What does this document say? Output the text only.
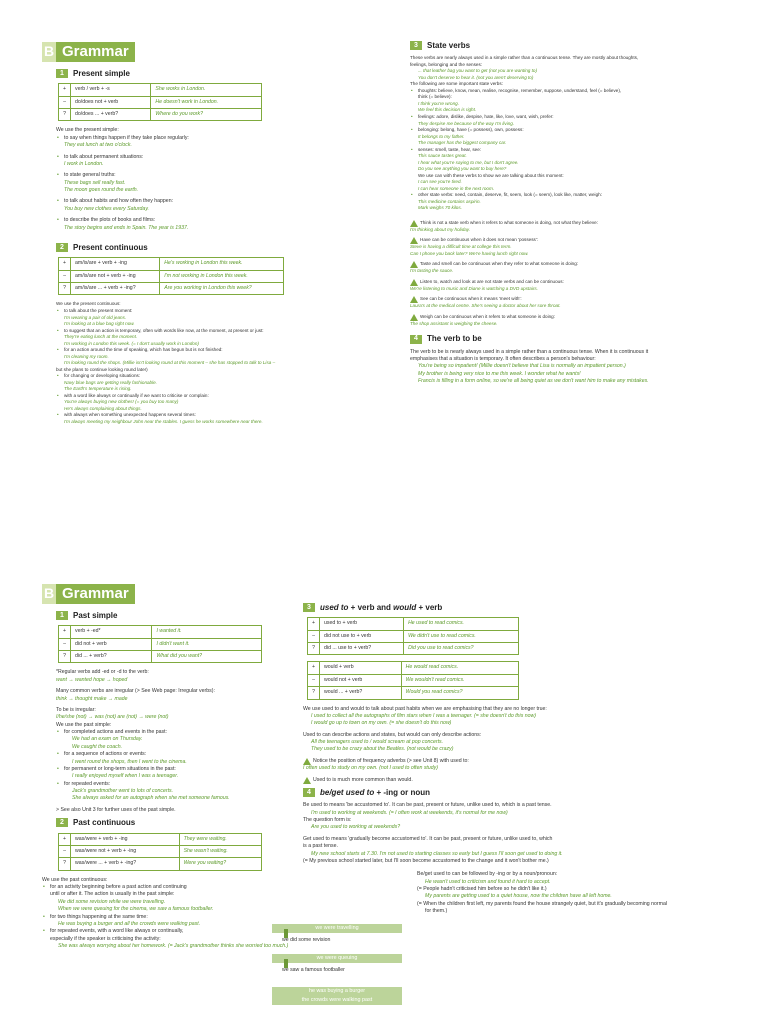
B Grammar
1	Present simple
+	verb / verb + -s	She works in London.
–	do/does not + verb	He doesn't work in London.
?	do/does ... + verb?	Where do you work?
We use the present simple:
• to say when things happen if they take place regularly:
They eat lunch at two o'clock.
• to talk about permanent situations:
I work in London.
• to state general truths:
These bags sell really fast.
The moon goes round the earth.
• to talk about habits and how often they happen:
You buy new clothes every Saturday.
• to describe the plots of books and films:
The story begins and ends in Spain. The year is 1937.
2	Present continuous
+	am/is/are + verb + -ing	He's working in London this week.
–	am/is/are not + verb + -ing	I'm not working in London this week.
?	am/is/are ... + verb + -ing?	Are you working in London this week?
We use the present continuous:
• to talk about the present moment:
I'm wearing a pair of old jeans.
I'm looking at a blue bag right now.
• to suggest that an action is temporary, often with words like now, at the moment, at present or just:
They're eating lunch at the moment.
I'm working in London this week. (= I don't usually work in London)
• for an action around the time of speaking, which has begun but is not finished:
I'm cleaning my room.
I'm looking round the shops. (Millie isn't looking round at this moment – she has stopped to talk to Lisa –
but she plans to continue looking round later)
• for changing or developing situations:
Navy blue bags are getting really fashionable.
The Earth's temperature is rising.
• with a word like always or continually if we want to criticise or complain:
You're always buying new clothes! (= you buy too many)
He's always complaining about things.
• with always when something unexpected happens several times:
I'm always meeting my neighbour John near the stables. I guess he works somewhere near there.
3	State verbs
These verbs are nearly always used in a simple rather than a continuous tense. They are mostly about thoughts,
feelings, belonging and the senses:
... that leather bag you want to get (not you are wanting to)
You don't deserve to hear it. (not you aren't deserving to)
The following are some important state verbs:
• thoughts: believe, know, mean, realise, recognise, remember, suppose, understand, feel (= believe),
think (= believe):
I think you're wrong.
We feel this decision is right.
• feelings: adore, dislike, despise, hate, like, love, want, wish, prefer:
They despise me because of the way I'm living.
• belonging: belong, have (= possess), own, possess:
It belongs to my father.
The manager has the biggest company car.
• senses: smell, taste, hear, see:
This sauce tastes great.
I hear what you're saying to me, but I don't agree.
Do you see anything you want to buy here?
We use can with these verbs to show we are talking about this moment:
I can see you're tired.
I can hear someone in the next room.
• other state verbs: need, contain, deserve, fit, seem, look (= seem), look like, matter, weigh:
This medicine contains aspirin.
Mark weighs 70 kilos.
Think is not a state verb when it refers to what someone is doing, not what they believe:
I'm thinking about my holiday.
Have can be continuous when it does not mean 'possess':
Steve is having a difficult time at college this term.
Can I phone you back later? We're having lunch right now.
Taste and smell can be continuous when they refer to what someone is doing:
I'm tasting the sauce.
Listen to, watch and look at are not state verbs and can be continuous:
We're listening to music and Diane is watching a DVD upstairs.
See can be continuous when it means 'meet with':
Laura's at the medical centre. She's seeing a doctor about her sore throat.
Weigh can be continuous when it refers to what someone is doing:
The shop assistant is weighing the cheese.
4	The verb to be
The verb to be is nearly always used in a simple rather than a continuous tense. When it is continuous it
emphasises that a situation is temporary. It often describes a person's behaviour:
You're being so impatient! (Millie doesn't believe that Lisa is normally an impatient person.)
My brother is being very nice to me this week. I wonder what he wants!
Francis is filling in a form online, so we're all being quiet as we don't want him to make any mistakes.
B Grammar
1	Past simple
+	verb + -ed*	I wanted it.
–	did not + verb	I didn't want it.
?	did ... + verb?	What did you want?
*Regular verbs add -ed or -d to the verb:
want → wanted hope → hoped
Many common verbs are irregular (> See Web page: Irregular verbs):
think → thought make → made
To be is irregular:
I/he/she (not) → was (not) are (not) → were (not)
We use the past simple:
• for completed actions and events in the past:
We had an exam on Thursday.
We caught the coach.
• for a sequence of actions or events:
I went round the shops, then I went to the cinema.
• for permanent or long-term situations in the past:
I really enjoyed myself when I was a teenager.
• for repeated events:
Jack's grandmother went to lots of concerts.
She always asked for an autograph when she met someone famous.
> See also Unit 3 for further uses of the past simple.
2	Past continuous
+	was/were + verb + -ing	They were waiting.
–	was/were not + verb + -ing	She wasn't waiting.
?	was/were ... + verb + -ing?	Were you waiting?
We use the past continuous:
• for an activity beginning before a past action and continuing
until or after it. The action is usually in the past simple:
We did some revision while we were travelling.
When we were queuing for the cinema, we saw a famous footballer.
• for two things happening at the same time:
He was buying a burger and all the crowds were walking past.
• for repeated events, with a word like always or continually,
especially if the speaker is criticising the activity:
She was always worrying about her homework. (= Jack's grandmother thinks she worried too much.)
we were travelling
we did some revision
we were queuing
we saw a famous footballer
he was buying a burger
the crowds were walking past
3	used to + verb and would + verb
+	used to + verb	He used to read comics.
–	did not use to + verb	We didn't use to read comics.
?	did ... use to + verb?	Did you use to read comics?
+	would + verb	He would read comics.
–	would not + verb	We wouldn't read comics.
?	would ... + verb?	Would you read comics?
We use used to and would to talk about past habits when we are emphasising that they are no longer true:
I used to collect all the autographs of film stars when I was a teenager. (= she doesn't do this now)
I would go up to town on my own. (= she doesn't do this now)
Used to can describe actions and states, but would can only describe actions:
All the teenagers used to / would scream at pop concerts.
They used to be crazy about the Beatles. (not would be crazy)
Notice the position of frequency adverbs (> see Unit 8) with used to:
I often used to study on my own. (not I used to often study)
Used to is much more common than would.
4	be/get used to + -ing or noun
Be used to means 'be accustomed to'. It can be past, present or future, unlike used to, which is a past tense.
I'm used to working at weekends. (= I often work at weekends, it's normal for me now)
The question form is:
Are you used to working at weekends?
Get used to means 'gradually become accustomed to'. It can be past, present or future, unlike used to, which
is a past tense.
My new school starts at 7.30. I'm not used to starting classes so early but I guess I'll soon get used to doing it.
(= My previous school started later, but I'll soon become accustomed to the change and it won't bother me.)
Be/get used to can be followed by -ing or by a noun/pronoun:
He wasn't used to criticism and found it hard to accept.
(= People hadn't criticised him before so he didn't like it.)
My parents are getting used to a quiet house, now the children have all left home.
(= When the children first left, my parents found the house strangely quiet, but it's gradually becoming normal
for them.)
